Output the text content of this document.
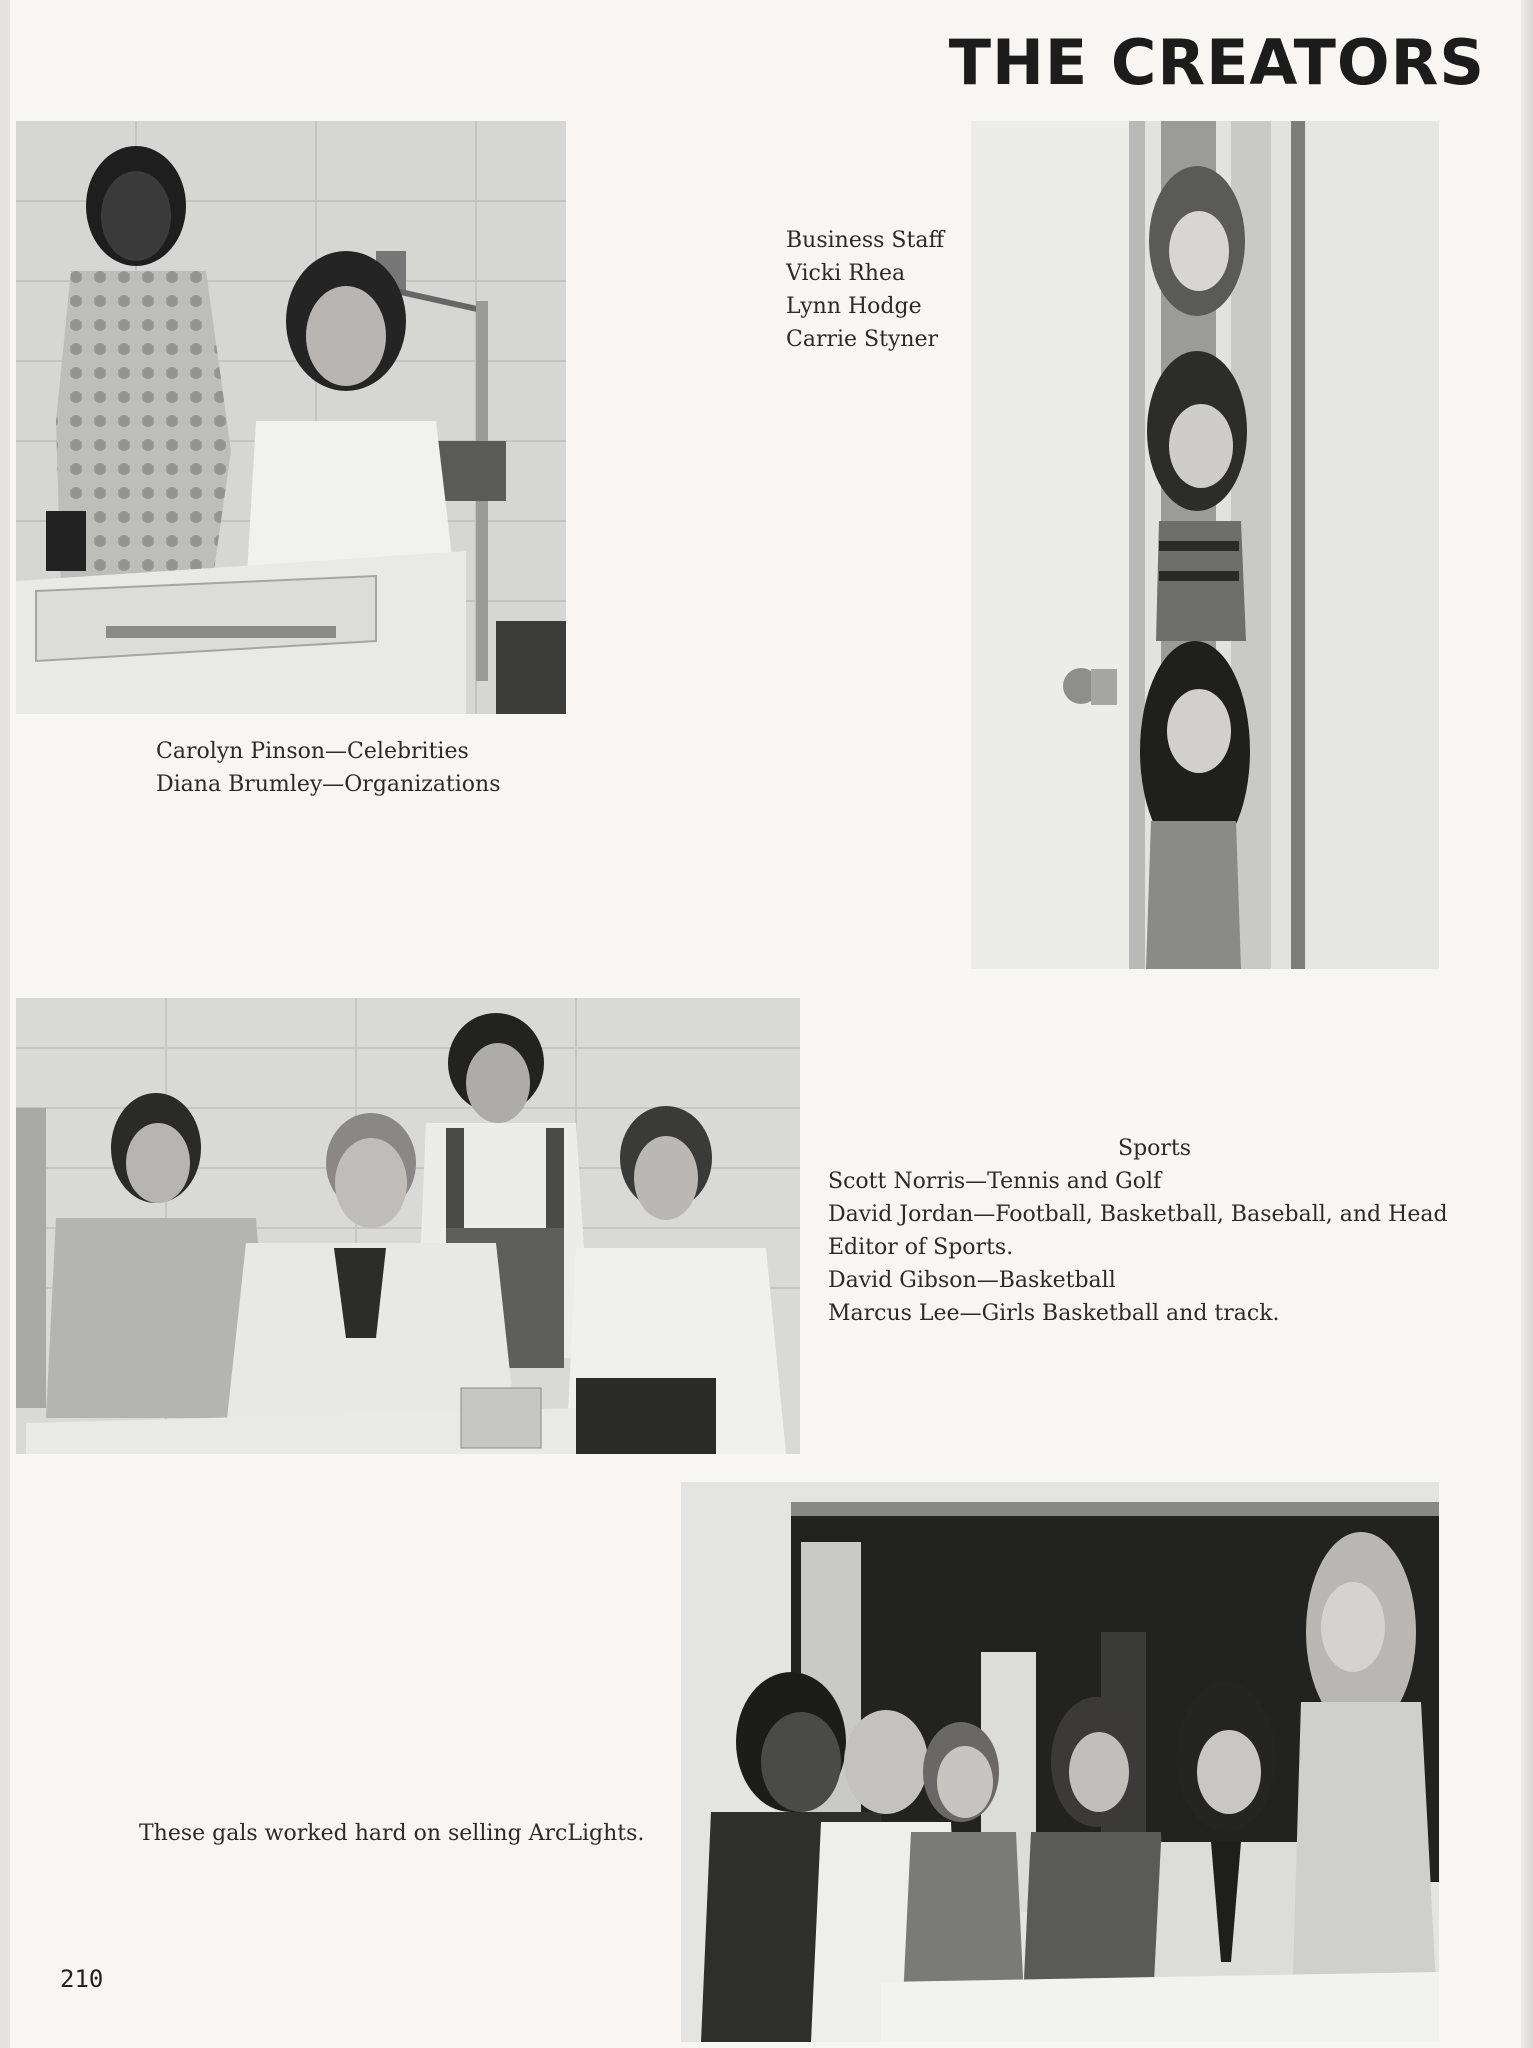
THE CREATORS
Carolyn Pinson—Celebrities
Diana Brumley—Organizations
Business Staff
Vicki Rhea
Lynn Hodge
Carrie Styner
Sports
Scott Norris—Tennis and Golf
David Jordan—Football, Basketball, Baseball, and Head
Editor of Sports.
David Gibson—Basketball
Marcus Lee—Girls Basketball and track.
These gals worked hard on selling ArcLights.
210
